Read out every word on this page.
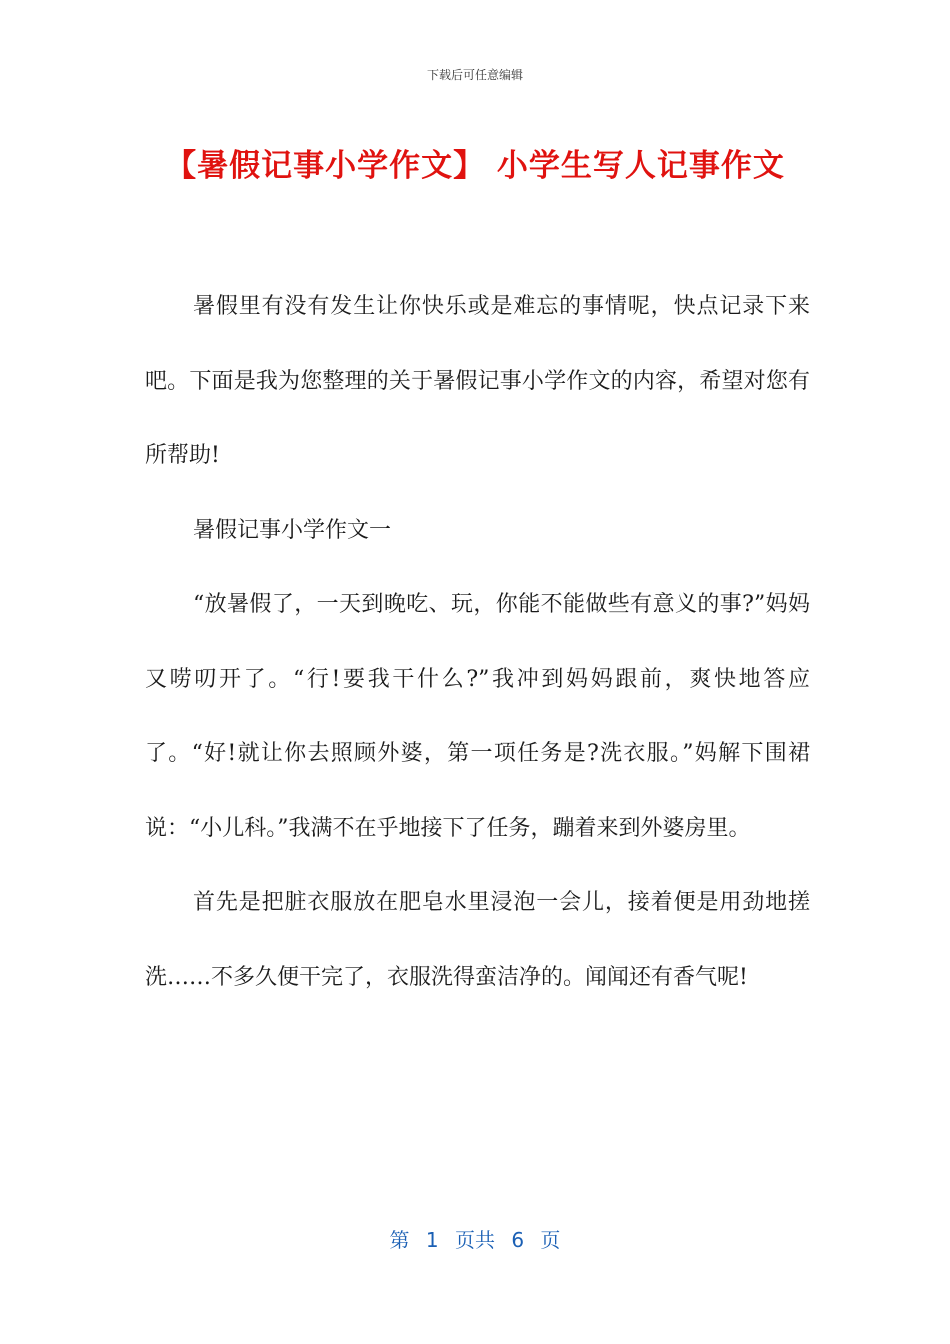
下载后可任意编辑
【暑假记事小学作文】 小学生写人记事作文

暑假里有没有发生让你快乐或是难忘的事情呢，快点记录下来吧。下面是我为您整理的关于暑假记事小学作文的内容，希望对您有所帮助!

暑假记事小学作文一

“放暑假了，一天到晚吃、玩，你能不能做些有意义的事?”妈妈又唠叨开了。“行!要我干什么?”我冲到妈妈跟前，爽快地答应了。“好!就让你去照顾外婆，第一项任务是?洗衣服。”妈解下围裙说：“小儿科。”我满不在乎地接下了任务，蹦着来到外婆房里。

首先是把脏衣服放在肥皂水里浸泡一会儿，接着便是用劲地搓洗……不多久便干完了，衣服洗得蛮洁净的。闻闻还有香气呢!

第 1 页共 6 页
